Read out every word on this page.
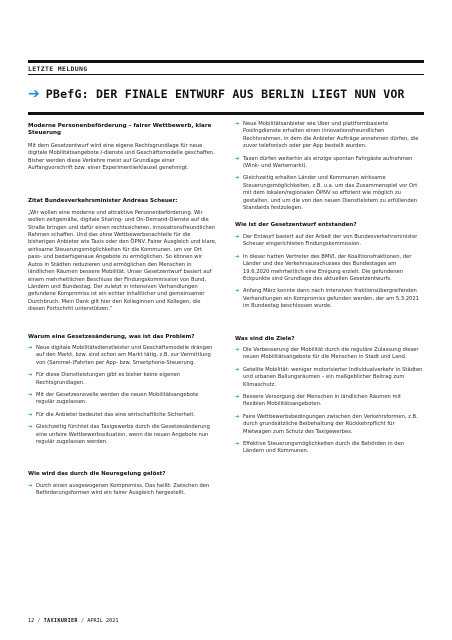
LETZTE MELDUNG
➔ PBefG: DER FINALE ENTWURF AUS BERLIN LIEGT NUN VOR
Moderne Personenbeförderung – fairer Wettbewerb, klare Steuerung

Mit dem Gesetzentwurf wird eine eigene Rechtsgrundlage für neue digitale Mobilitätsangebote /-dienste und Geschäftsmodelle geschaffen. Bisher werden diese Verkehre meist auf Grundlage einer Auffangvorschrift bzw. einer Experimentierklausel genehmigt.

Zitat Bundesverkehrsminister Andreas Scheuer:

„Wir wollen eine moderne und attraktive Personenbeförderung. Wir wollen zeitgemäße, digitale Sharing- und On-Demand-Dienste auf die Straße bringen und dafür einen rechtssicheren, innovationsfreundlichen Rahmen schaffen. Und das ohne Wettbewerbsnachteile für die bisherigen Anbieter wie Taxis oder den ÖPNV. Fairer Ausgleich und klare, wirksame Steuerungsmöglichkeiten für die Kommunen, um vor Ort pass- und bedarfsgenaue Angebote zu ermöglichen. So können wir Autos in Städten reduzieren und ermöglichen den Menschen in ländlichen Räumen bessere Mobilität. Unser Gesetzentwurf basiert auf einem mehrheitlichen Beschluss der Findungskommission von Bund, Ländern und Bundestag. Der zuletzt in intensiven Verhandlungen gefundene Kompromiss ist ein echter inhaltlicher und gemeinsamer Durchbruch. Mein Dank gilt hier den Kolleginnen und Kollegen, die diesen Fortschritt unterstützen.“

Warum eine Gesetzesänderung, was ist das Problem?
➔ Neue digitale Mobilitätsdienstleister und Geschäftsmodelle drängen auf den Markt, bzw. sind schon am Markt tätig, z.B. zur Vermittlung von (Sammel-)Fahrten per App- bzw. Smartphone-Steuerung.
➔ Für diese Dienstleistungen gibt es bisher keine eigenen Rechtsgrundlagen.
➔ Mit der Gesetzesnovelle werden die neuen Mobilitätsangebote regulär zugelassen.
➔ Für die Anbieter bedeutet das eine wirtschaftliche Sicherheit.
➔ Gleichzeitig fürchtet das Taxigewerbe durch die Gesetzesänderung eine unfaire Wettbewerbssituation, wenn die neuen Angebote nun regulär zugelassen werden.
Wie wird das durch die Neuregelung gelöst?
➔ Durch einen ausgewogenen Kompromiss. Das heißt: Zwischen den Beförderungsformen wird ein fairer Ausgleich hergestellt.
➔ Neue Mobilitätsanbieter wie Uber und plattformbasierte Poolingdienste erhalten einen innovationsfreundlichen Rechtsrahmen, in dem die Anbieter Aufträge annehmen dürfen, die zuvor telefonisch oder per App bestellt wurden.
➔ Taxen dürfen weiterhin als einzige spontan Fahrgäste aufnehmen (Wink- und Wartemarkt).
➔ Gleichzeitig erhalten Länder und Kommunen wirksame Steuerungsmöglichkeiten, z.B. u.a. um das Zusammenspiel vor Ort mit dem lokalen/regionalen ÖPNV so effizient wie möglich zu gestalten, und um die von den neuen Dienstleistern zu erfüllenden Standards festzulegen.
Wie ist der Gesetzentwurf entstanden?
➔ Der Entwurf basiert auf der Arbeit der von Bundesverkehrsminister Scheuer eingerichteten Findungskommission.
➔ In dieser hatten Vertreter des BMVI, der Koalitionsfraktionen, der Länder und des Verkehrsausschusses des Bundestages am 19.6.2020 mehrheitlich eine Einigung erzielt. Die gefundenen Eckpunkte sind Grundlage des aktuellen Gesetzentwurfs.
➔ Anfang März konnte dann nach intensiven fraktionsübergreifenden Verhandlungen ein Kompromiss gefunden werden, der am 5.3.2021 im Bundestag beschlossen wurde.
Was sind die Ziele?
➔ Die Verbesserung der Mobilität durch die reguläre Zulassung dieser neuen Mobilitätsangebote für die Menschen in Stadt und Land.
➔ Geteilte Mobilität: weniger motorisierter Individualverkehr in Städten und urbanen Ballungsräumen – ein maßgeblicher Beitrag zum Klimaschutz.
➔ Bessere Versorgung der Menschen in ländlichen Räumen mit flexiblen Mobilitätsangeboten.
➔ Faire Wettbewerbsbedingungen zwischen den Verkehrsformen, z.B. durch grundsätzliche Beibehaltung der Rückkehrpflicht für Mietwagen zum Schutz des Taxigewerbes.
➔ Effektive Steuerungsmöglichkeiten durch die Behörden in den Ländern und Kommunen.
12 / TAXIKURIER / APRIL 2021
